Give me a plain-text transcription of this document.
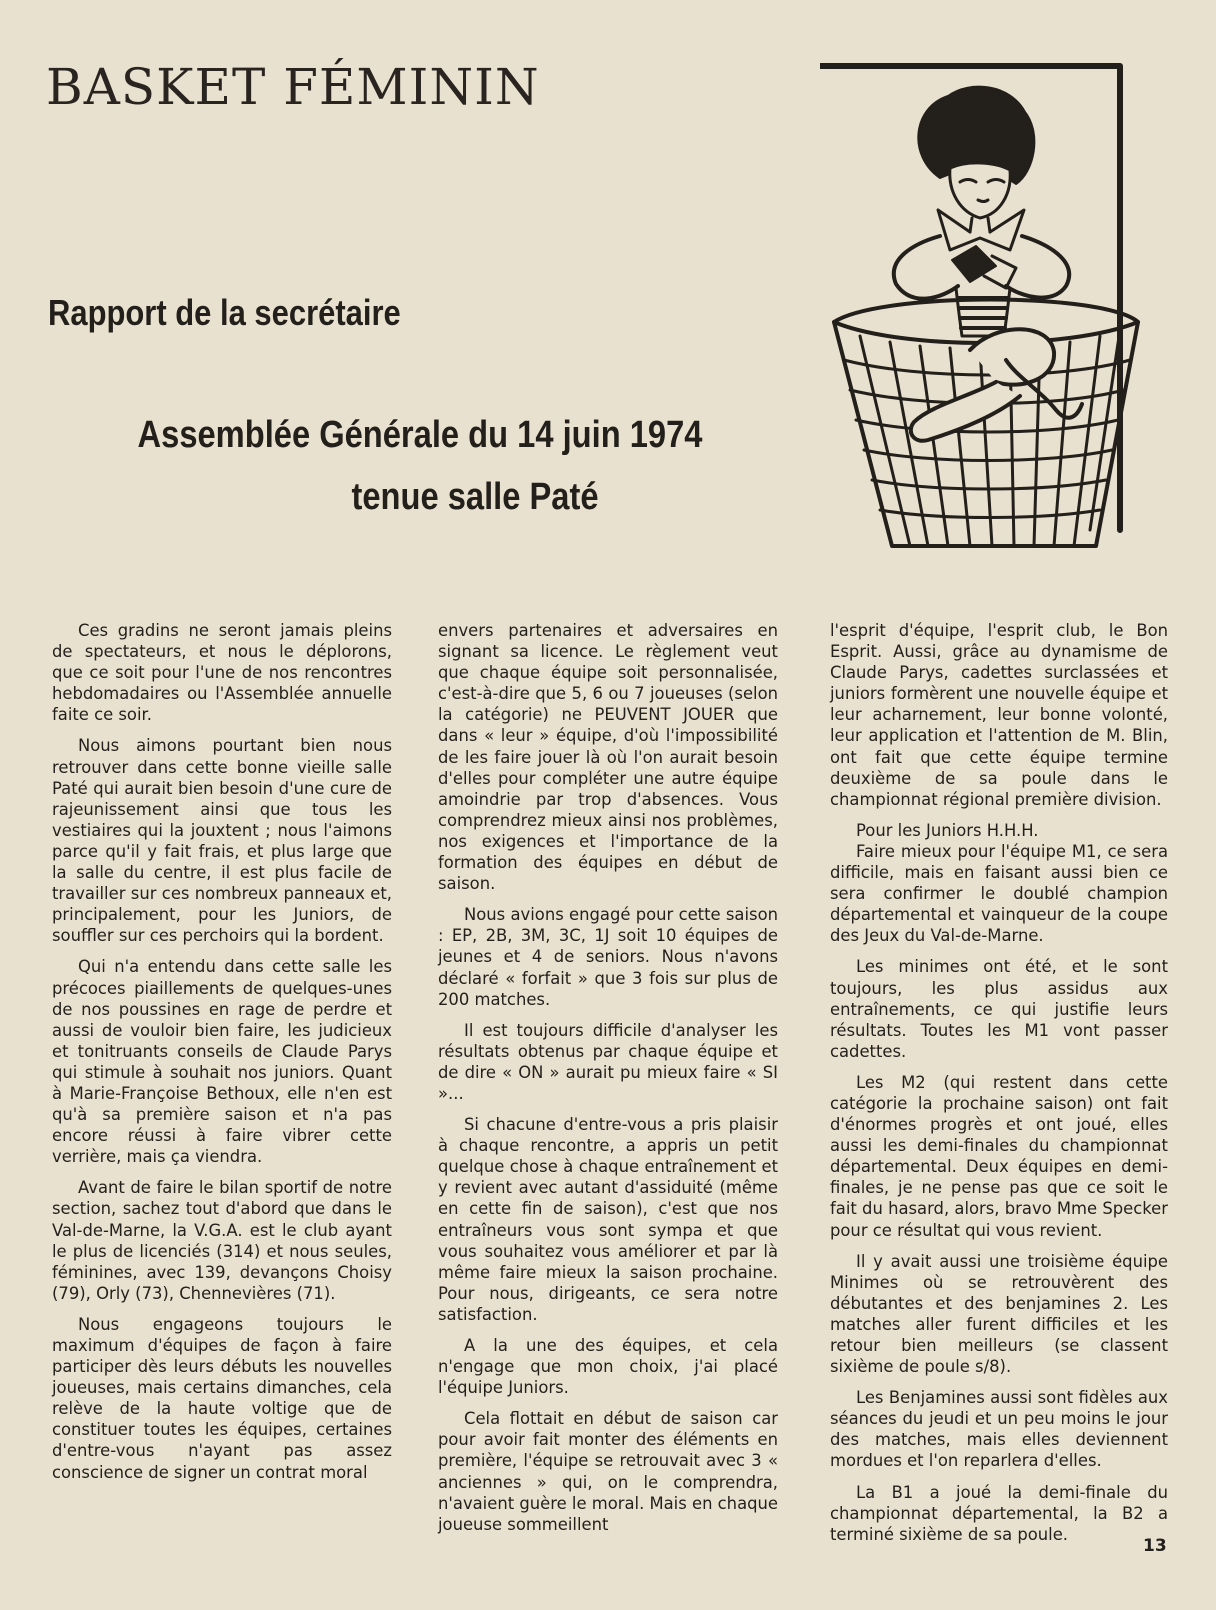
BASKET FÉMININ
Rapport de la secrétaire
Assemblée Générale du 14 juin 1974
tenue salle Paté

Ces gradins ne seront jamais pleins de spectateurs, et nous le déplorons, que ce soit pour l'une de nos rencontres hebdomadaires ou l'Assemblée annuelle faite ce soir.

Nous aimons pourtant bien nous retrouver dans cette bonne vieille salle Paté qui aurait bien besoin d'une cure de rajeunissement ainsi que tous les vestiaires qui la jouxtent ; nous l'aimons parce qu'il y fait frais, et plus large que la salle du centre, il est plus facile de travailler sur ces nombreux panneaux et, principalement, pour les Juniors, de souffler sur ces perchoirs qui la bordent.

Qui n'a entendu dans cette salle les précoces piaillements de quelques-unes de nos poussines en rage de perdre et aussi de vouloir bien faire, les judicieux et tonitruants conseils de Claude Parys qui stimule à souhait nos juniors. Quant à Marie-Françoise Bethoux, elle n'en est qu'à sa première saison et n'a pas encore réussi à faire vibrer cette verrière, mais ça viendra.

Avant de faire le bilan sportif de notre section, sachez tout d'abord que dans le Val-de-Marne, la V.G.A. est le club ayant le plus de licenciés (314) et nous seules, féminines, avec 139, devançons Choisy (79), Orly (73), Chennevières (71).

Nous engageons toujours le maximum d'équipes de façon à faire participer dès leurs débuts les nouvelles joueuses, mais certains dimanches, cela relève de la haute voltige que de constituer toutes les équipes, certaines d'entre-vous n'ayant pas assez conscience de signer un contrat moral

envers partenaires et adversaires en signant sa licence. Le règlement veut que chaque équipe soit personnalisée, c'est-à-dire que 5, 6 ou 7 joueuses (selon la catégorie) ne PEUVENT JOUER que dans « leur » équipe, d'où l'impossibilité de les faire jouer là où l'on aurait besoin d'elles pour compléter une autre équipe amoindrie par trop d'absences. Vous comprendrez mieux ainsi nos problèmes, nos exigences et l'importance de la formation des équipes en début de saison.

Nous avions engagé pour cette saison : EP, 2B, 3M, 3C, 1J soit 10 équipes de jeunes et 4 de seniors. Nous n'avons déclaré « forfait » que 3 fois sur plus de 200 matches.

Il est toujours difficile d'analyser les résultats obtenus par chaque équipe et de dire « ON » aurait pu mieux faire « SI »...

Si chacune d'entre-vous a pris plaisir à chaque rencontre, a appris un petit quelque chose à chaque entraînement et y revient avec autant d'assiduité (même en cette fin de saison), c'est que nos entraîneurs vous sont sympa et que vous souhaitez vous améliorer et par là même faire mieux la saison prochaine. Pour nous, dirigeants, ce sera notre satisfaction.

A la une des équipes, et cela n'engage que mon choix, j'ai placé l'équipe Juniors.

Cela flottait en début de saison car pour avoir fait monter des éléments en première, l'équipe se retrouvait avec 3 « anciennes » qui, on le comprendra, n'avaient guère le moral. Mais en chaque joueuse sommeillent

l'esprit d'équipe, l'esprit club, le Bon Esprit. Aussi, grâce au dynamisme de Claude Parys, cadettes surclassées et juniors formèrent une nouvelle équipe et leur acharnement, leur bonne volonté, leur application et l'attention de M. Blin, ont fait que cette équipe termine deuxième de sa poule dans le championnat régional première division.

Pour les Juniors H.H.H.

Faire mieux pour l'équipe M1, ce sera difficile, mais en faisant aussi bien ce sera confirmer le doublé champion départemental et vainqueur de la coupe des Jeux du Val-de-Marne.

Les minimes ont été, et le sont toujours, les plus assidus aux entraînements, ce qui justifie leurs résultats. Toutes les M1 vont passer cadettes.

Les M2 (qui restent dans cette catégorie la prochaine saison) ont fait d'énormes progrès et ont joué, elles aussi les demi-finales du championnat départemental. Deux équipes en demi-finales, je ne pense pas que ce soit le fait du hasard, alors, bravo Mme Specker pour ce résultat qui vous revient.

Il y avait aussi une troisième équipe Minimes où se retrouvèrent des débutantes et des benjamines 2. Les matches aller furent difficiles et les retour bien meilleurs (se classent sixième de poule s/8).

Les Benjamines aussi sont fidèles aux séances du jeudi et un peu moins le jour des matches, mais elles deviennent mordues et l'on reparlera d'elles.

La B1 a joué la demi-finale du championnat départemental, la B2 a terminé sixième de sa poule.

13
